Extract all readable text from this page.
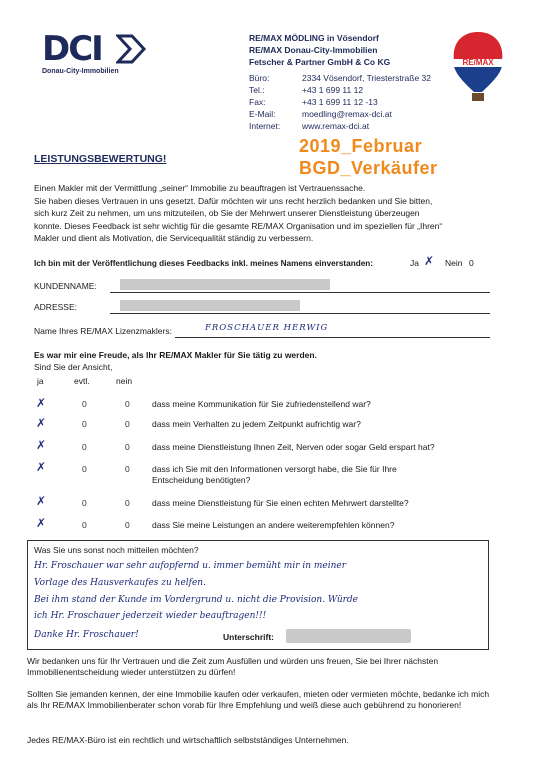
DCI
Donau-City-Immobilien
RE/MAX MÖDLING in Vösendorf
RE/MAX Donau-City-Immobilien
Fetscher & Partner GmbH & Co KG
Büro:	2334 Vösendorf, Triesterstraße 32
Tel.:	+43 1 699 11 12
Fax:	+43 1 699 11 12 -13
E-Mail:	moedling@remax-dci.at
Internet:	www.remax-dci.at
RE/MAX
2019_Februar
BGD_Verkäufer
LEISTUNGSBEWERTUNG!
Einen Makler mit der Vermittlung „seiner“ Immobilie zu beauftragen ist Vertrauenssache.
Sie haben dieses Vertrauen in uns gesetzt. Dafür möchten wir uns recht herzlich bedanken und Sie bitten,
sich kurz Zeit zu nehmen, um uns mitzuteilen, ob Sie der Mehrwert unserer Dienstleistung überzeugen
konnte. Dieses Feedback ist sehr wichtig für die gesamte RE/MAX Organisation und im speziellen für „Ihren“
Makler und dient als Motivation, die Servicequalität ständig zu verbessern.
Ich bin mit der Veröffentlichung dieses Feedbacks inkl. meines Namens einverstanden:	Ja ✗ Nein 0
KUNDENNAME:
ADRESSE:
Name Ihres RE/MAX Lizenzmaklers:	FROSCHAUER HERWIG
Es war mir eine Freude, als Ihr RE/MAX Makler für Sie tätig zu werden.
Sind Sie der Ansicht,
ja	evtl.	nein
✗	0	0	dass meine Kommunikation für Sie zufriedenstellend war?
✗	0	0	dass mein Verhalten zu jedem Zeitpunkt aufrichtig war?
✗	0	0	dass meine Dienstleistung Ihnen Zeit, Nerven oder sogar Geld erspart hat?
✗	0	0	dass ich Sie mit den Informationen versorgt habe, die Sie für Ihre Entscheidung benötigten?
✗	0	0	dass meine Dienstleistung für Sie einen echten Mehrwert darstellte?
✗	0	0	dass Sie meine Leistungen an andere weiterempfehlen können?
Was Sie uns sonst noch mitteilen möchten?
Hr. Froschauer war sehr aufopfernd u. immer bemüht mir in meiner
Vorlage des Hausverkaufes zu helfen.
Bei ihm stand der Kunde im Vordergrund u. nicht die Provision. Würde
ich Hr. Froschauer jederzeit wieder beauftragen!!!
Danke Hr. Froschauer!	Unterschrift:
Wir bedanken uns für Ihr Vertrauen und die Zeit zum Ausfüllen und würden uns freuen, Sie bei Ihrer nächsten Immobilienentscheidung wieder unterstützen zu dürfen!
Sollten Sie jemanden kennen, der eine Immobilie kaufen oder verkaufen, mieten oder vermieten möchte, bedanke ich mich als Ihr RE/MAX Immobilienberater schon vorab für Ihre Empfehlung und weiß diese auch gebührend zu honorieren!
Jedes RE/MAX-Büro ist ein rechtlich und wirtschaftlich selbstständiges Unternehmen.
